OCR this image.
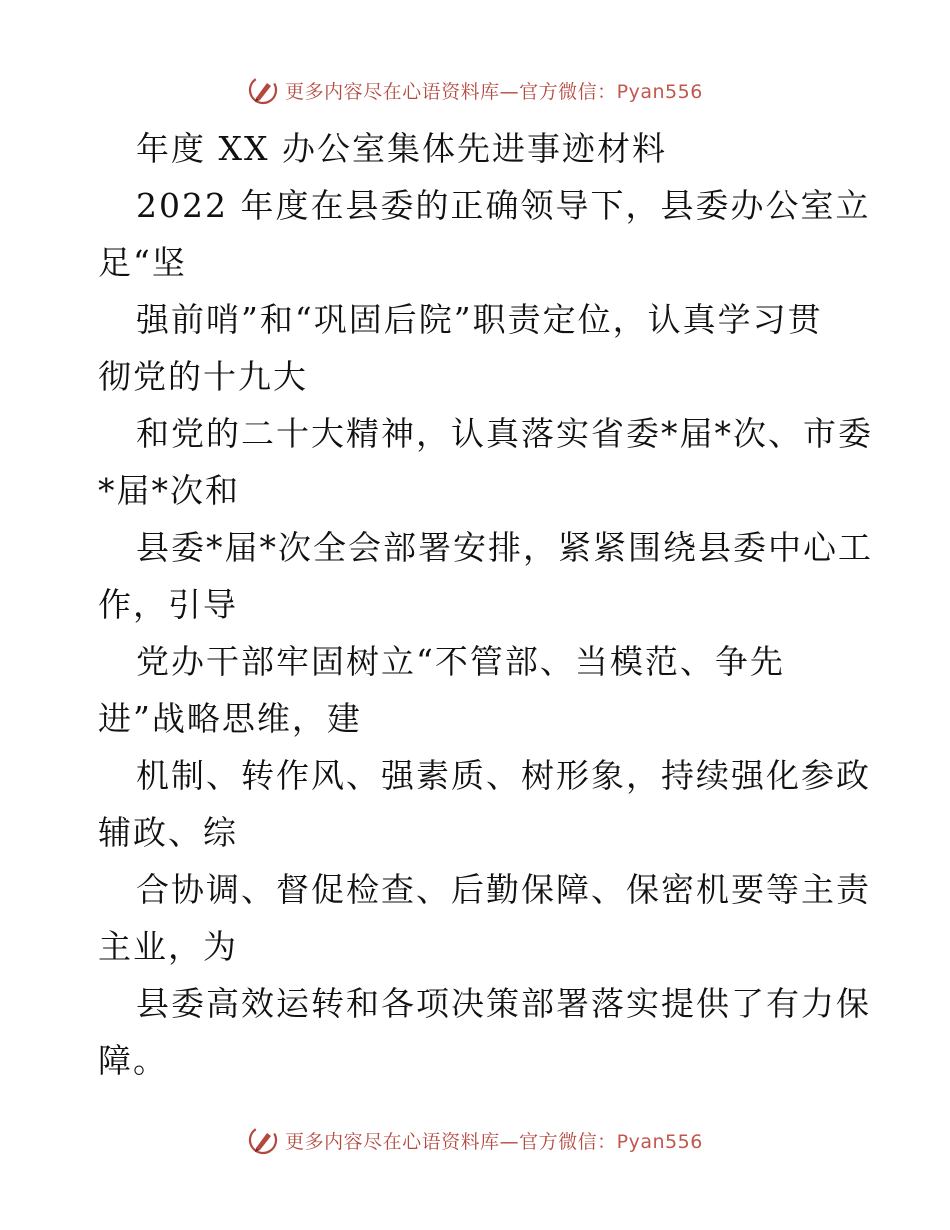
更多内容尽在心语资料库—官方微信：Pyan556
年度 XX 办公室集体先进事迹材料
2022 年度在县委的正确领导下，县委办公室立
足“坚
强前哨”和“巩固后院”职责定位，认真学习贯
彻党的十九大
和党的二十大精神，认真落实省委*届*次、市委
*届*次和
县委*届*次全会部署安排，紧紧围绕县委中心工
作，引导
党办干部牢固树立“不管部、当模范、争先
进”战略思维，建
机制、转作风、强素质、树形象，持续强化参政
辅政、综
合协调、督促检查、后勤保障、保密机要等主责
主业，为
县委高效运转和各项决策部署落实提供了有力保
障。
更多内容尽在心语资料库—官方微信：Pyan556
